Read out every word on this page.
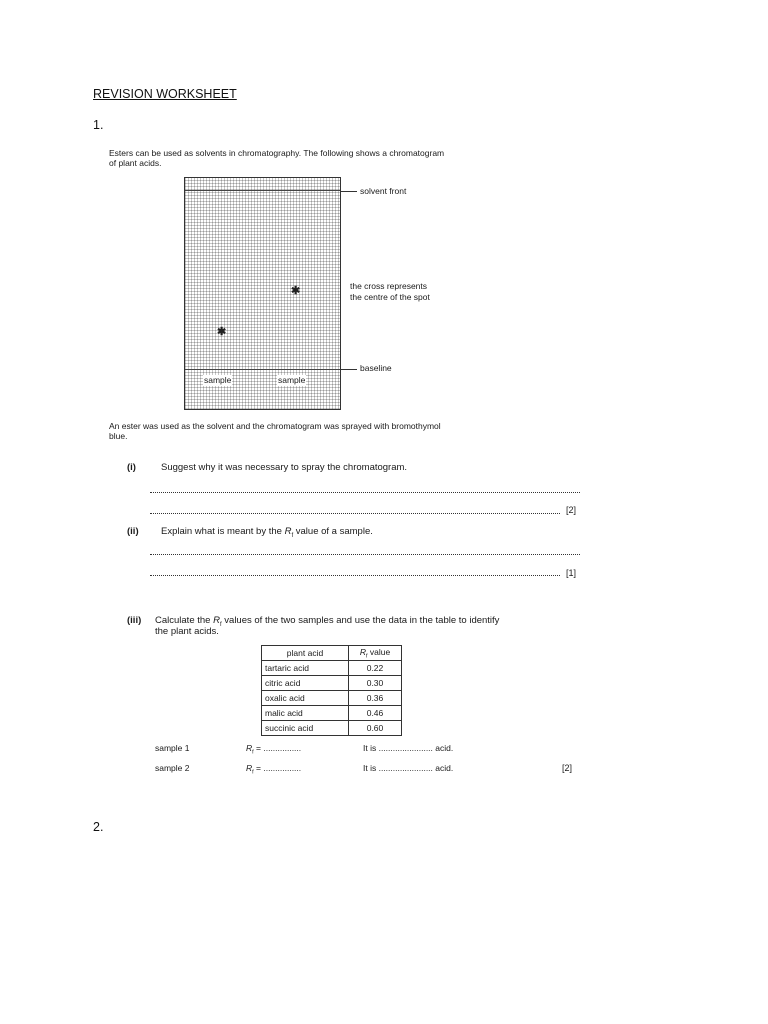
REVISION WORKSHEET
1.
Esters can be used as solvents in chromatography. The following shows a chromatogram
of plant acids.
✱
✱
sample	sample
solvent front
the cross represents
the centre of the spot
baseline
An ester was used as the solvent and the chromatogram was sprayed with bromothymol
blue.
(i)	Suggest why it was necessary to spray the chromatogram.
[2]
(ii) Explain what is meant by the $R_f$ value of a sample.
[1]
(iii) Calculate the $R_f$ values of the two samples and use the data in the table to identify
the plant acids.
plant acid	$R_f$ value
tartaric acid	0.22
citric acid	0.30
oxalic acid	0.36
malic acid	0.46
succinic acid	0.60
sample 1	$R_f$ = ................	It is ....................... acid.
sample 2	$R_f$ = ................	It is ....................... acid.	[2]
2.
